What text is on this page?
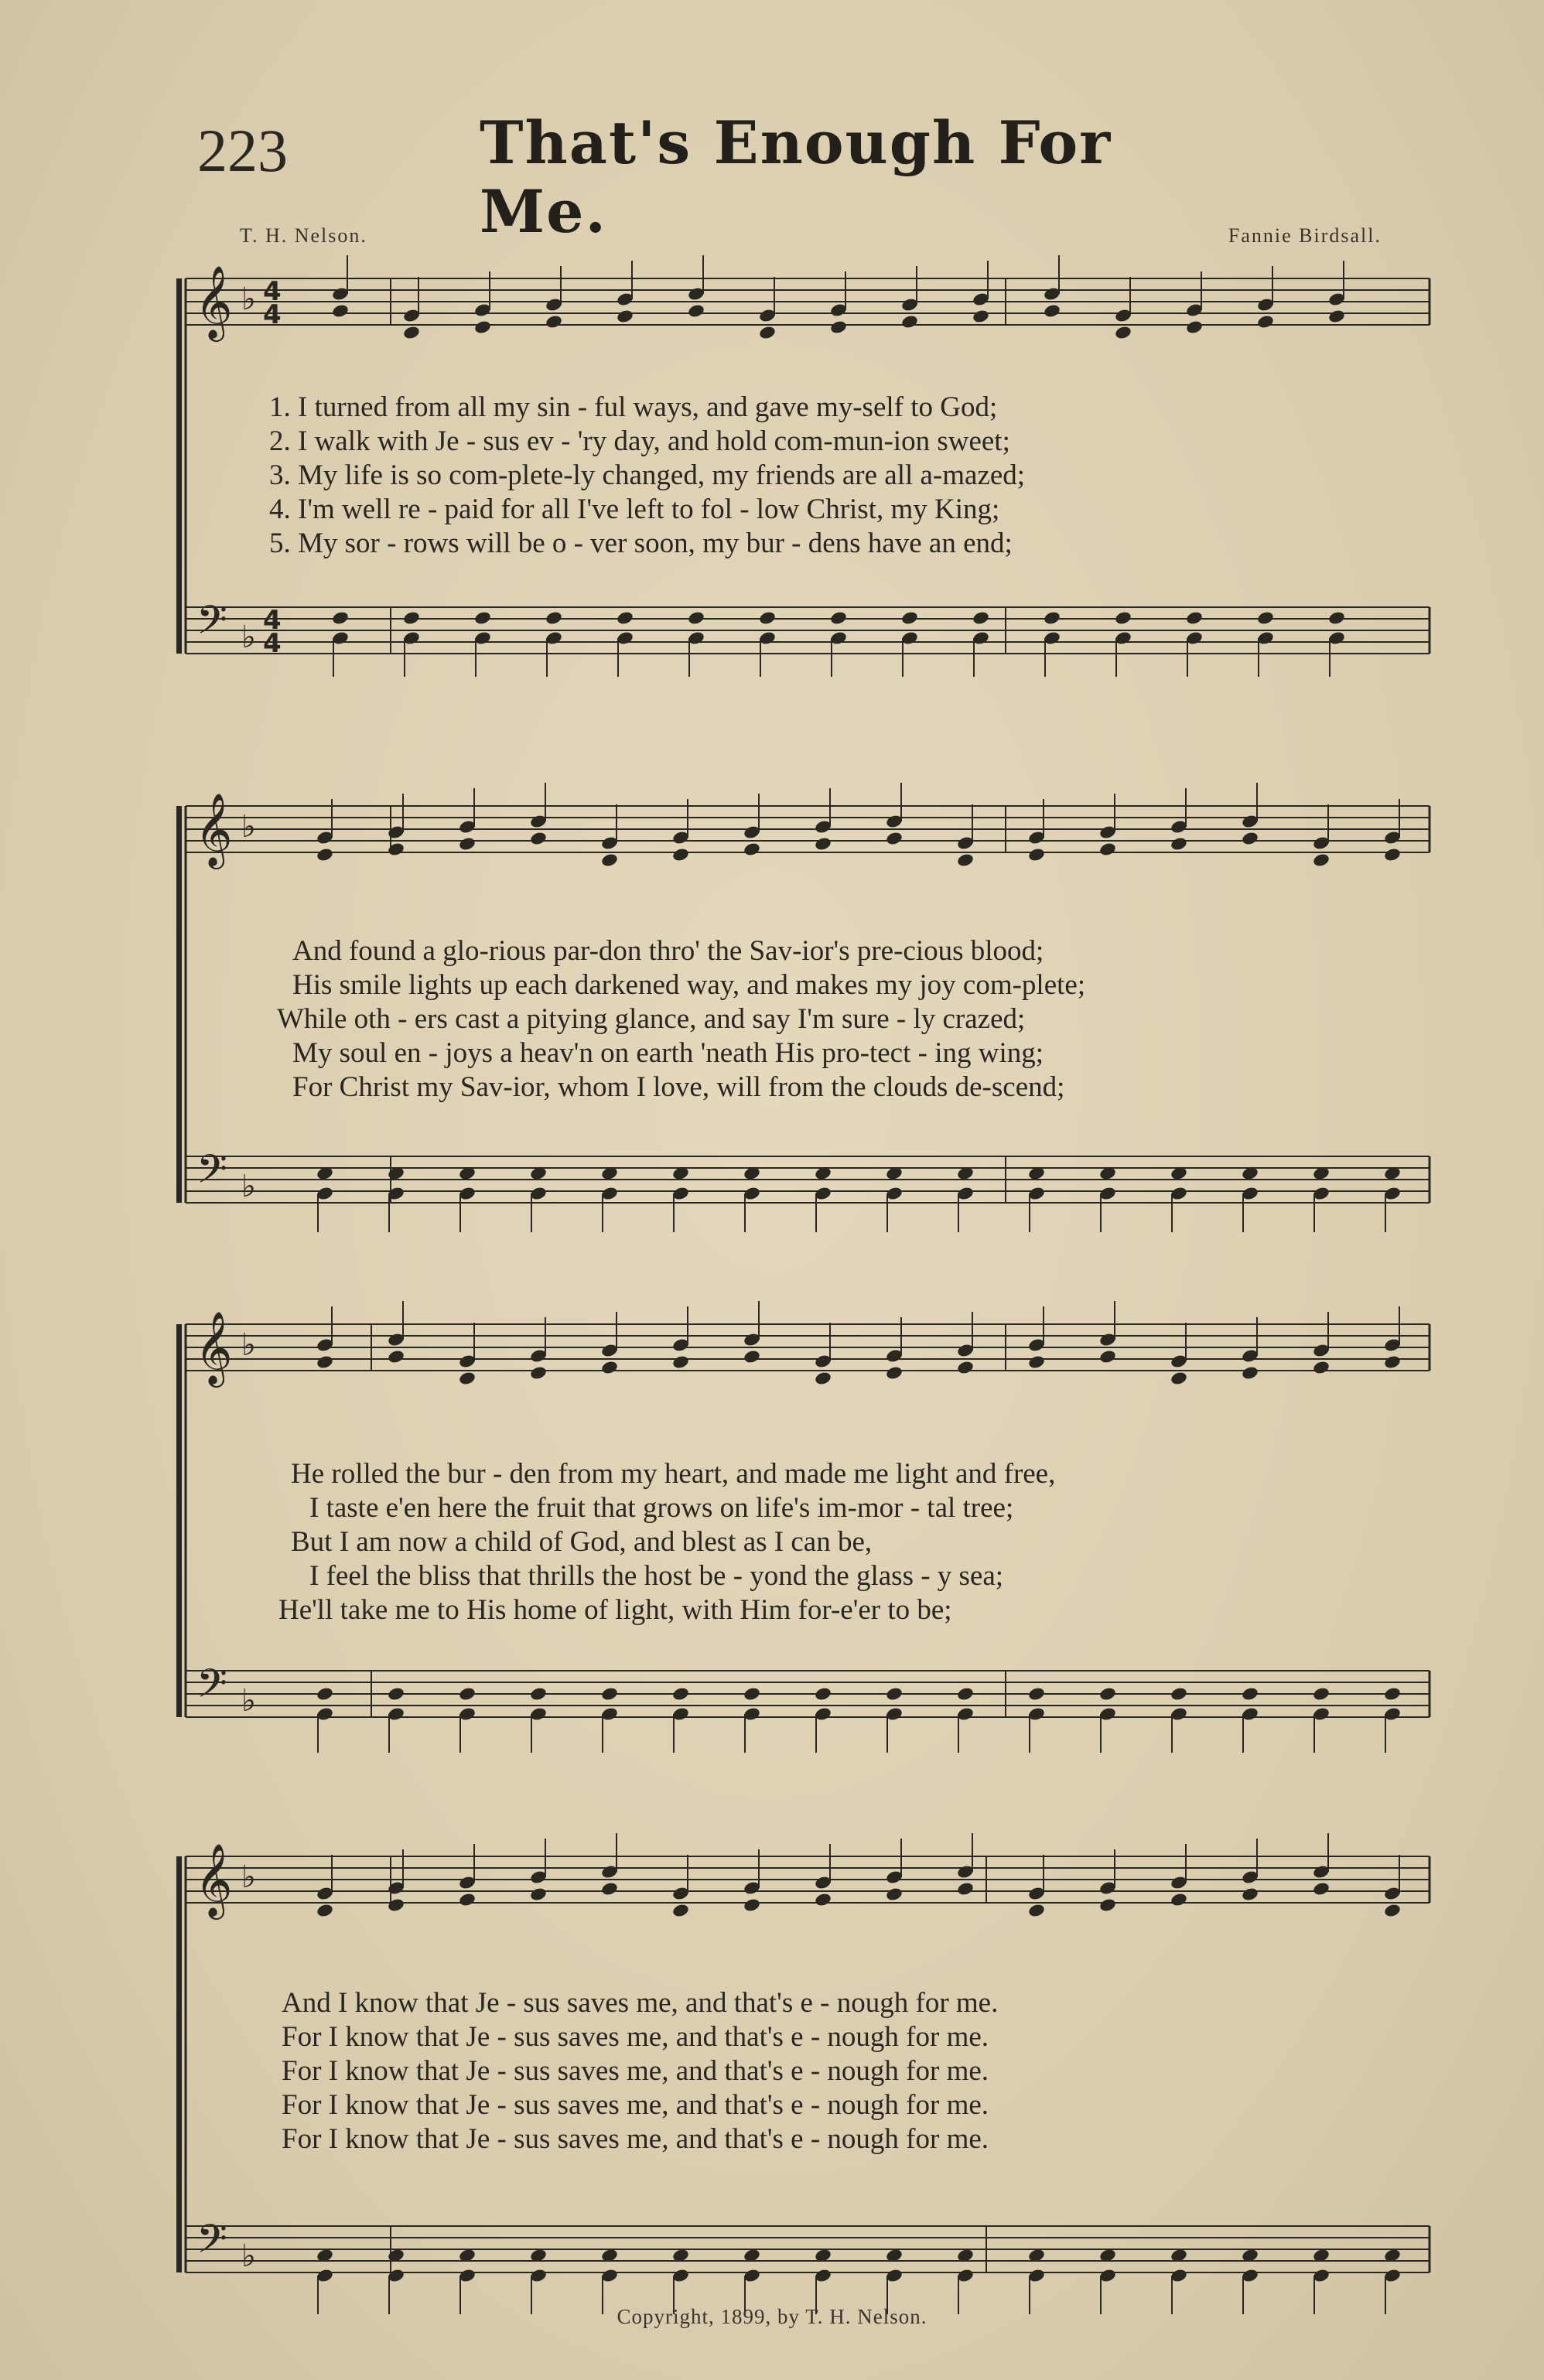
223	That's Enough For Me.
T. H. Nelson.	Fannie Birdsall.
𝄞
𝄢
♭
♭
4
4
4
4
𝄞
𝄢
♭
♭
𝄞
𝄢
♭
♭
𝄞
𝄢
♭
♭
1. I turned from all my sin - ful ways, and gave my-self to God;
2. I walk with Je - sus ev - 'ry day, and hold com-mun-ion sweet;
3. My life is so com-plete-ly changed, my friends are all a-mazed;
4. I'm well re - paid for all I've left to fol - low Christ, my King;
5. My sor - rows will be o - ver soon, my bur - dens have an end;
And found a glo-rious par-don thro' the Sav-ior's pre-cious blood;
His smile lights up each darkened way, and makes my joy com-plete;
While oth - ers cast a pitying glance, and say I'm sure - ly crazed;
My soul en - joys a heav'n on earth 'neath His pro-tect - ing wing;
For Christ my Sav-ior, whom I love, will from the clouds de-scend;
He rolled the bur - den from my heart, and made me light and free,
I taste e'en here the fruit that grows on life's im-mor - tal tree;
But I am now a child of God, and blest as I can be,
I feel the bliss that thrills the host be - yond the glass - y sea;
He'll take me to His home of light, with Him for-e'er to be;
And I know that Je - sus saves me, and that's e - nough for me.
For I know that Je - sus saves me, and that's e - nough for me.
For I know that Je - sus saves me, and that's e - nough for me.
For I know that Je - sus saves me, and that's e - nough for me.
For I know that Je - sus saves me, and that's e - nough for me.
Copyright, 1899, by T. H. Nelson.
